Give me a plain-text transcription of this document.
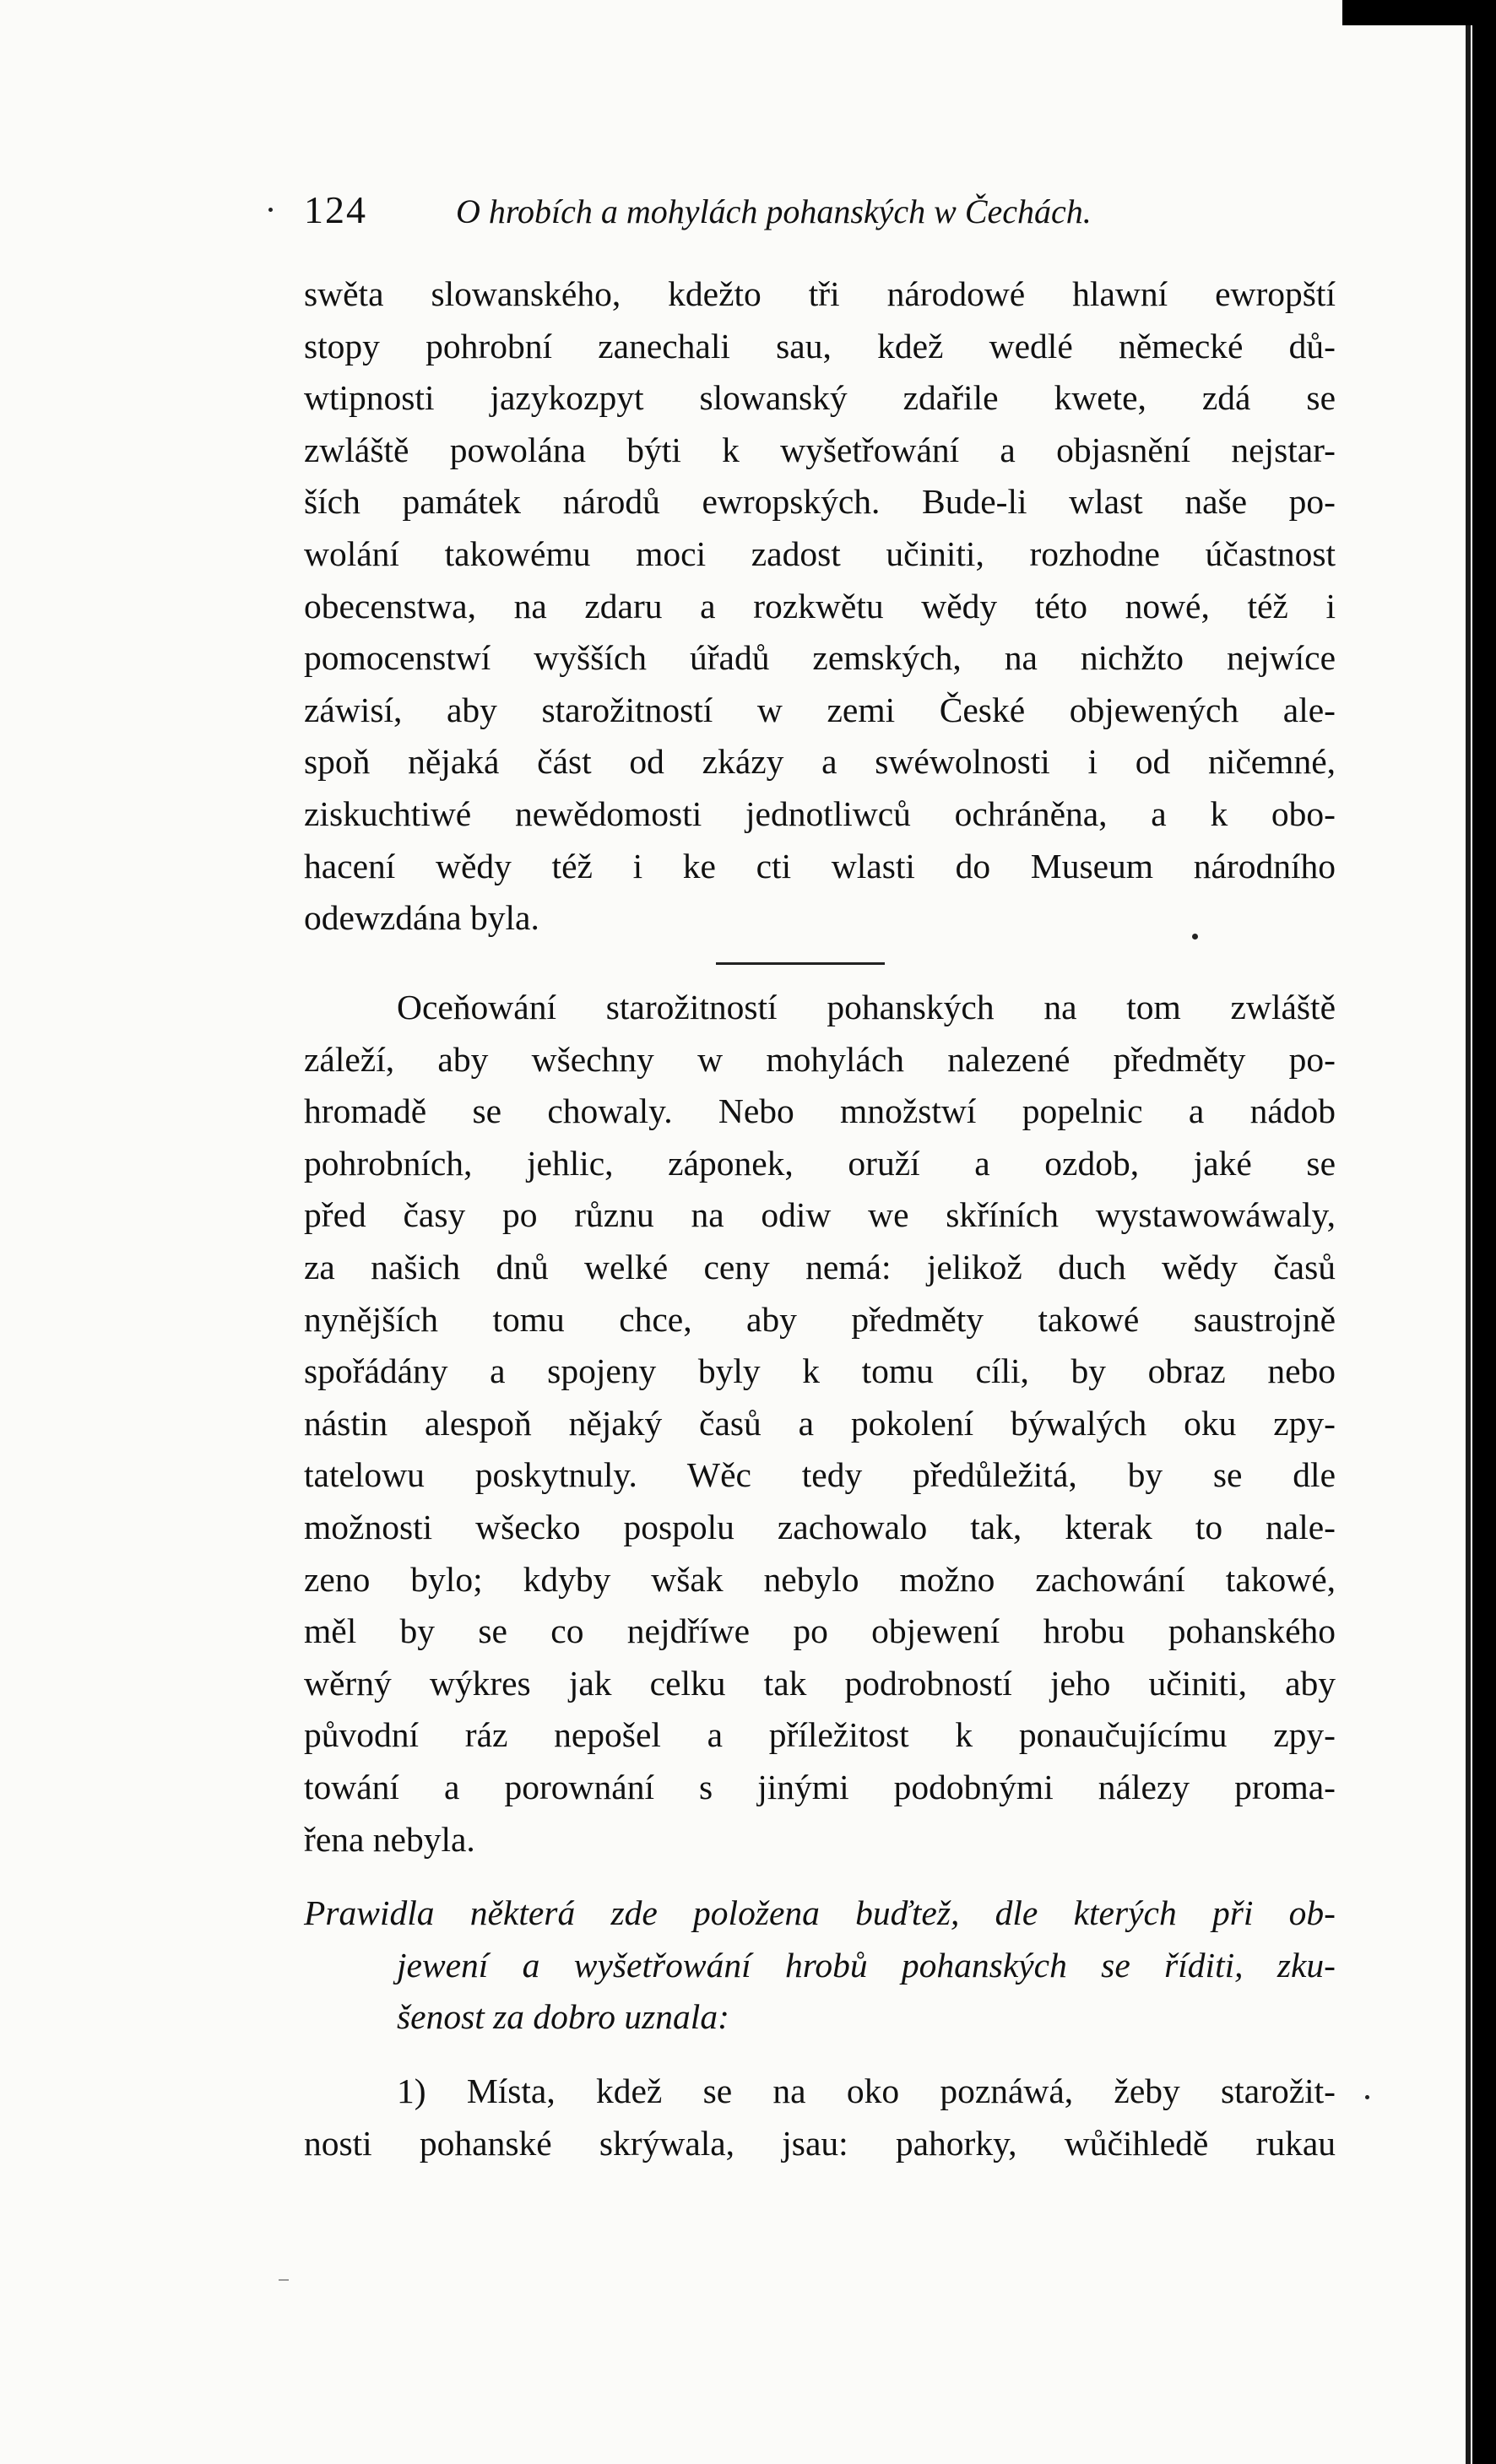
124	O hrobích a mohylách pohanských w Čechách.
swěta slowanského, kdežto tři národowé hlawní ewropští
stopy pohrobní zanechali sau, kdež wedlé německé dů-
wtipnosti jazykozpyt slowanský zdařile kwete, zdá se
zwláště powolána býti k wyšetřowání a objasnění nejstar-
ších památek národů ewropských. Bude-li wlast naše po-
wolání takowému moci zadost učiniti, rozhodne účastnost
obecenstwa, na zdaru a rozkwětu wědy této nowé, též i
pomocenstwí wyšších úřadů zemských, na nichžto nejwíce
záwisí, aby starožitností w zemi České objewených ale-
spoň nějaká část od zkázy a swéwolnosti i od ničemné,
ziskuchtiwé newědomosti jednotliwců ochráněna, a k obo-
hacení wědy též i ke cti wlasti do Museum národního
odewzdána byla.
Oceňowání starožitností pohanských na tom zwláště
záleží, aby wšechny w mohylách nalezené předměty po-
hromadě se chowaly. Nebo množstwí popelnic a nádob
pohrobních, jehlic, záponek, oruží a ozdob, jaké se
před časy po různu na odiw we skříních wystawowáwaly,
za našich dnů welké ceny nemá: jelikož duch wědy časů
nynějších tomu chce, aby předměty takowé saustrojně
spořádány a spojeny byly k tomu cíli, by obraz nebo
nástin alespoň nějaký časů a pokolení býwalých oku zpy-
tatelowu poskytnuly. Wěc tedy předůležitá, by se dle
možnosti wšecko pospolu zachowalo tak, kterak to nale-
zeno bylo; kdyby wšak nebylo možno zachowání takowé,
měl by se co nejdříwe po objewení hrobu pohanského
wěrný wýkres jak celku tak podrobností jeho učiniti, aby
původní ráz nepošel a příležitost k ponaučujícímu zpy-
towání a porownání s jinými podobnými nálezy proma-
řena nebyla.
Prawidla některá zde položena buďtež, dle kterých při ob-
jewení a wyšetřowání hrobů pohanských se říditi, zku-
šenost za dobro uznala:
1) Místa, kdež se na oko poznáwá, žeby starožit-
nosti pohanské skrýwala, jsau: pahorky, wůčihledě rukau
